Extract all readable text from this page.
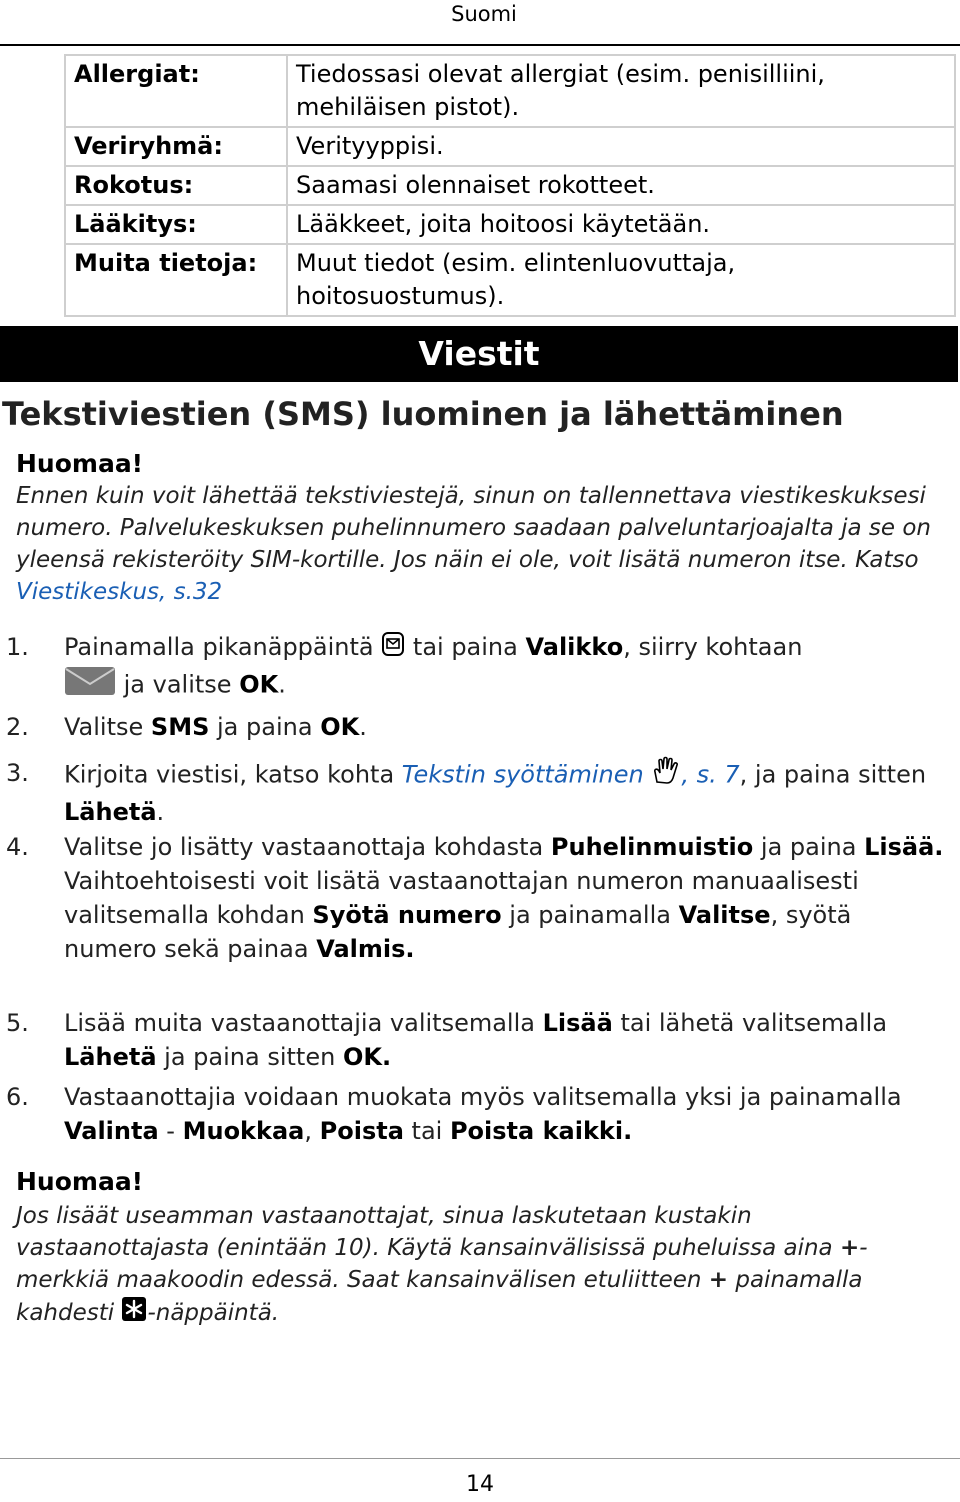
Suomi
Allergiat:	Tiedossasi olevat allergiat (esim. penisilliini, mehiläisen pistot).
Veriryhmä:	Verityyppisi.
Rokotus:	Saamasi olennaiset rokotteet.
Lääkitys:	Lääkkeet, joita hoitoosi käytetään.
Muita tietoja:	Muut tiedot (esim. elintenluovuttaja, hoitosuostumus).
Viestit
Tekstiviestien (SMS) luominen ja lähettäminen
Huomaa!
Ennen kuin voit lähettää tekstiviestejä, sinun on tallennettava viestikeskuksesi numero. Palvelukeskuksen puhelinnumero saadaan palveluntarjoajalta ja se on yleensä rekisteröity SIM-kortille. Jos näin ei ole, voit lisätä numeron itse. Katso Viestikeskus, s.32
1.	Painamalla pikanäppäintä tai paina Valikko, siirry kohtaan
ja valitse OK.
2.	Valitse SMS ja paina OK.
3.	Kirjoita viestisi, katso kohta Tekstin syöttäminen , s. 7, ja paina sitten Lähetä.
4.	Valitse jo lisätty vastaanottaja kohdasta Puhelinmuistio ja paina Lisää.
Vaihtoehtoisesti voit lisätä vastaanottajan numeron manuaalisesti valitsemalla kohdan Syötä numero ja painamalla Valitse, syötä numero sekä painaa Valmis.
5.	Lisää muita vastaanottajia valitsemalla Lisää tai lähetä valitsemalla Lähetä ja paina sitten OK.
6.	Vastaanottajia voidaan muokata myös valitsemalla yksi ja painamalla Valinta - Muokkaa, Poista tai Poista kaikki.
Huomaa!
Jos lisäät useamman vastaanottajat, sinua laskutetaan kustakin vastaanottajasta (enintään 10). Käytä kansainvälisissä puheluissa aina +-merkkiä maakoodin edessä. Saat kansainvälisen etuliitteen + painamalla kahdesti -näppäintä.
14
